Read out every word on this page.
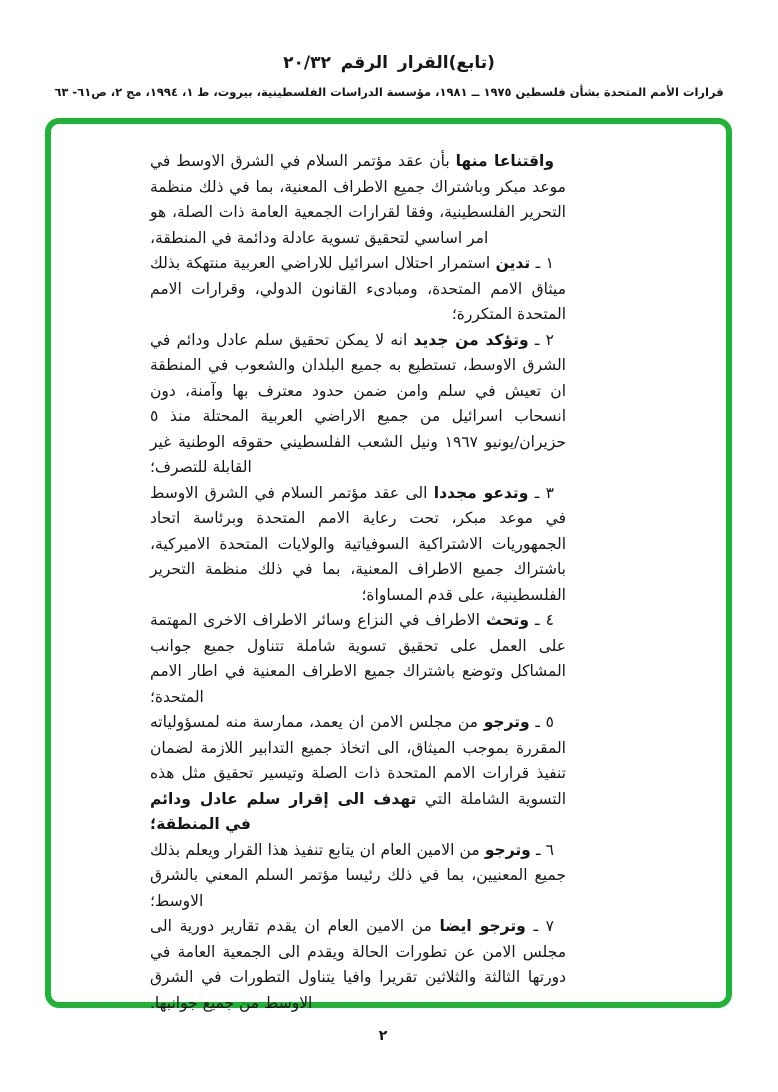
(تابع)القرار الرقم ٢٠/٣٢
قرارات الأمم المتحدة بشأن فلسطين ١٩٧٥ ــ ١٩٨١، مؤسسة الدراسات الفلسطينية، بيروت، ط ١، ١٩٩٤، مج ٢، ص٦١- ٦٣

واقتناعا منها بأن عقد مؤتمر السلام في الشرق الاوسط في موعد مبكر وباشتراك جميع الاطراف المعنية، بما في ذلك منظمة التحرير الفلسطينية، وفقا لقرارات الجمعية العامة ذات الصلة، هو امر اساسي لتحقيق تسوية عادلة ودائمة في المنطقة،

١ ـ تدين استمرار احتلال اسرائيل للاراضي العربية منتهكة بذلك ميثاق الامم المتحدة، ومبادىء القانون الدولي، وقرارات الامم المتحدة المتكررة؛

٢ ـ وتؤكد من جديد انه لا يمكن تحقيق سلم عادل ودائم في الشرق الاوسط، تستطيع به جميع البلدان والشعوب في المنطقة ان تعيش في سلم وامن ضمن حدود معترف بها وآمنة، دون انسحاب اسرائيل من جميع الاراضي العربية المحتلة منذ ٥ حزيران/يونيو ١٩٦٧ ونيل الشعب الفلسطيني حقوقه الوطنية غير القابلة للتصرف؛

٣ ـ وتدعو مجددا الى عقد مؤتمر السلام في الشرق الاوسط في موعد مبكر، تحت رعاية الامم المتحدة وبرئاسة اتحاد الجمهوريات الاشتراكية السوفياتية والولايات المتحدة الاميركية، باشتراك جميع الاطراف المعنية، بما في ذلك منظمة التحرير الفلسطينية، على قدم المساواة؛

٤ ـ وتحث الاطراف في النزاع وسائر الاطراف الاخرى المهتمة على العمل على تحقيق تسوية شاملة تتناول جميع جوانب المشاكل وتوضع باشتراك جميع الاطراف المعنية في اطار الامم المتحدة؛

٥ ـ وترجو من مجلس الامن ان يعمد، ممارسة منه لمسؤولياته المقررة بموجب الميثاق، الى اتخاذ جميع التدابير اللازمة لضمان تنفيذ قرارات الامم المتحدة ذات الصلة وتيسير تحقيق مثل هذه التسوية الشاملة التي تهدف الى إقرار سلم عادل ودائم في المنطقة؛

٦ ـ وترجو من الامين العام ان يتابع تنفيذ هذا القرار ويعلم بذلك جميع المعنيين، بما في ذلك رئيسا مؤتمر السلم المعني بالشرق الاوسط؛

٧ ـ وترجو ايضا من الامين العام ان يقدم تقارير دورية الى مجلس الامن عن تطورات الحالة ويقدم الى الجمعية العامة في دورتها الثالثة والثلاثين تقريرا وافيا يتناول التطورات في الشرق الاوسط من جميع جوانبها.

٢
